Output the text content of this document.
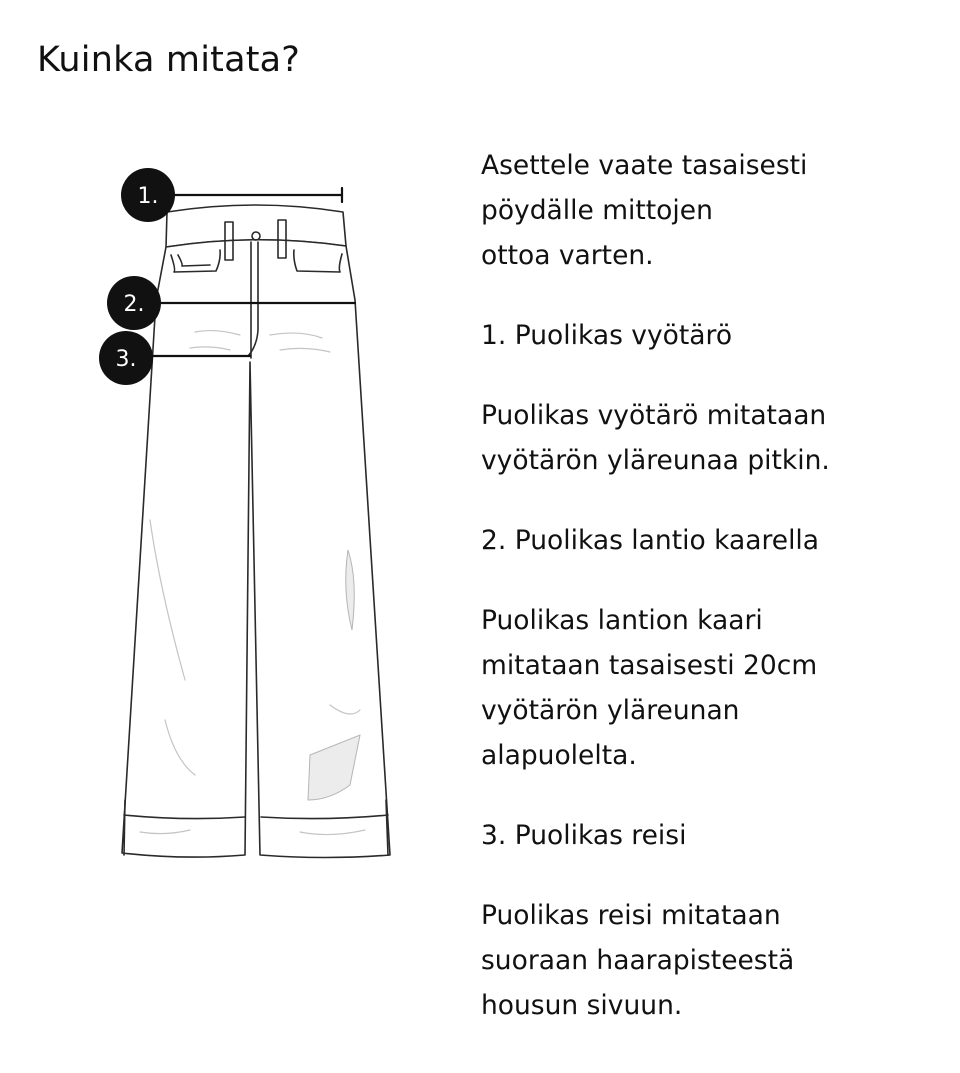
Kuinka mitata?
1.
2.
3.

Asettele vaate tasaisesti
pöydälle mittojen
ottoa varten.

1. Puolikas vyötärö

Puolikas vyötärö mitataan
vyötärön yläreunaa pitkin.

2. Puolikas lantio kaarella

Puolikas lantion kaari
mitataan tasaisesti 20cm
vyötärön yläreunan
alapuolelta.

3. Puolikas reisi

Puolikas reisi mitataan
suoraan haarapisteestä
housun sivuun.
